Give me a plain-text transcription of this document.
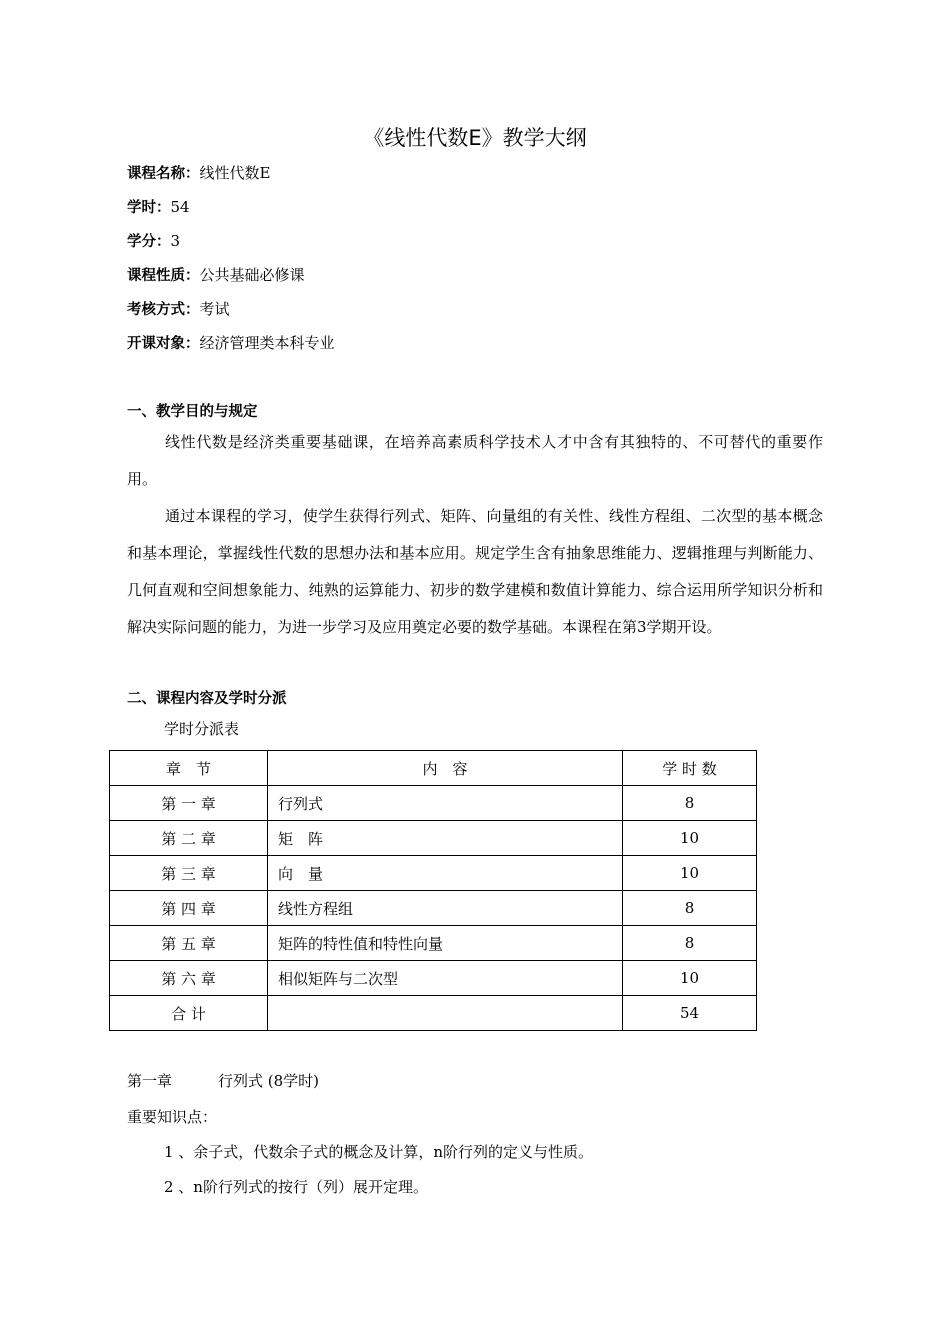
《线性代数E》教学大纲
课程名称：线性代数E
学时：54
学分：3
课程性质：公共基础必修课
考核方式：考试
开课对象：经济管理类本科专业
一、教学目的与规定
线性代数是经济类重要基础课，在培养高素质科学技术人才中含有其独特的、不可替代的重要作用。
通过本课程的学习，使学生获得行列式、矩阵、向量组的有关性、线性方程组、二次型的基本概念和基本理论，掌握线性代数的思想办法和基本应用。规定学生含有抽象思维能力、逻辑推理与判断能力、几何直观和空间想象能力、纯熟的运算能力、初步的数学建模和数值计算能力、综合运用所学知识分析和解决实际问题的能力，为进一步学习及应用奠定必要的数学基础。本课程在第3学期开设。
二、课程内容及学时分派
学时分派表
章　节	内　容	学 时 数
第 一 章	行列式	8
第 二 章	矩　阵	10
第 三 章	向　量	10
第 四 章	线性方程组	8
第 五 章	矩阵的特性值和特性向量	8
第 六 章	相似矩阵与二次型	10
合 计		54
第一章	行列式 (8学时)
重要知识点：
1 、余子式，代数余子式的概念及计算，n阶行列的定义与性质。
2 、n阶行列式的按行（列）展开定理。
